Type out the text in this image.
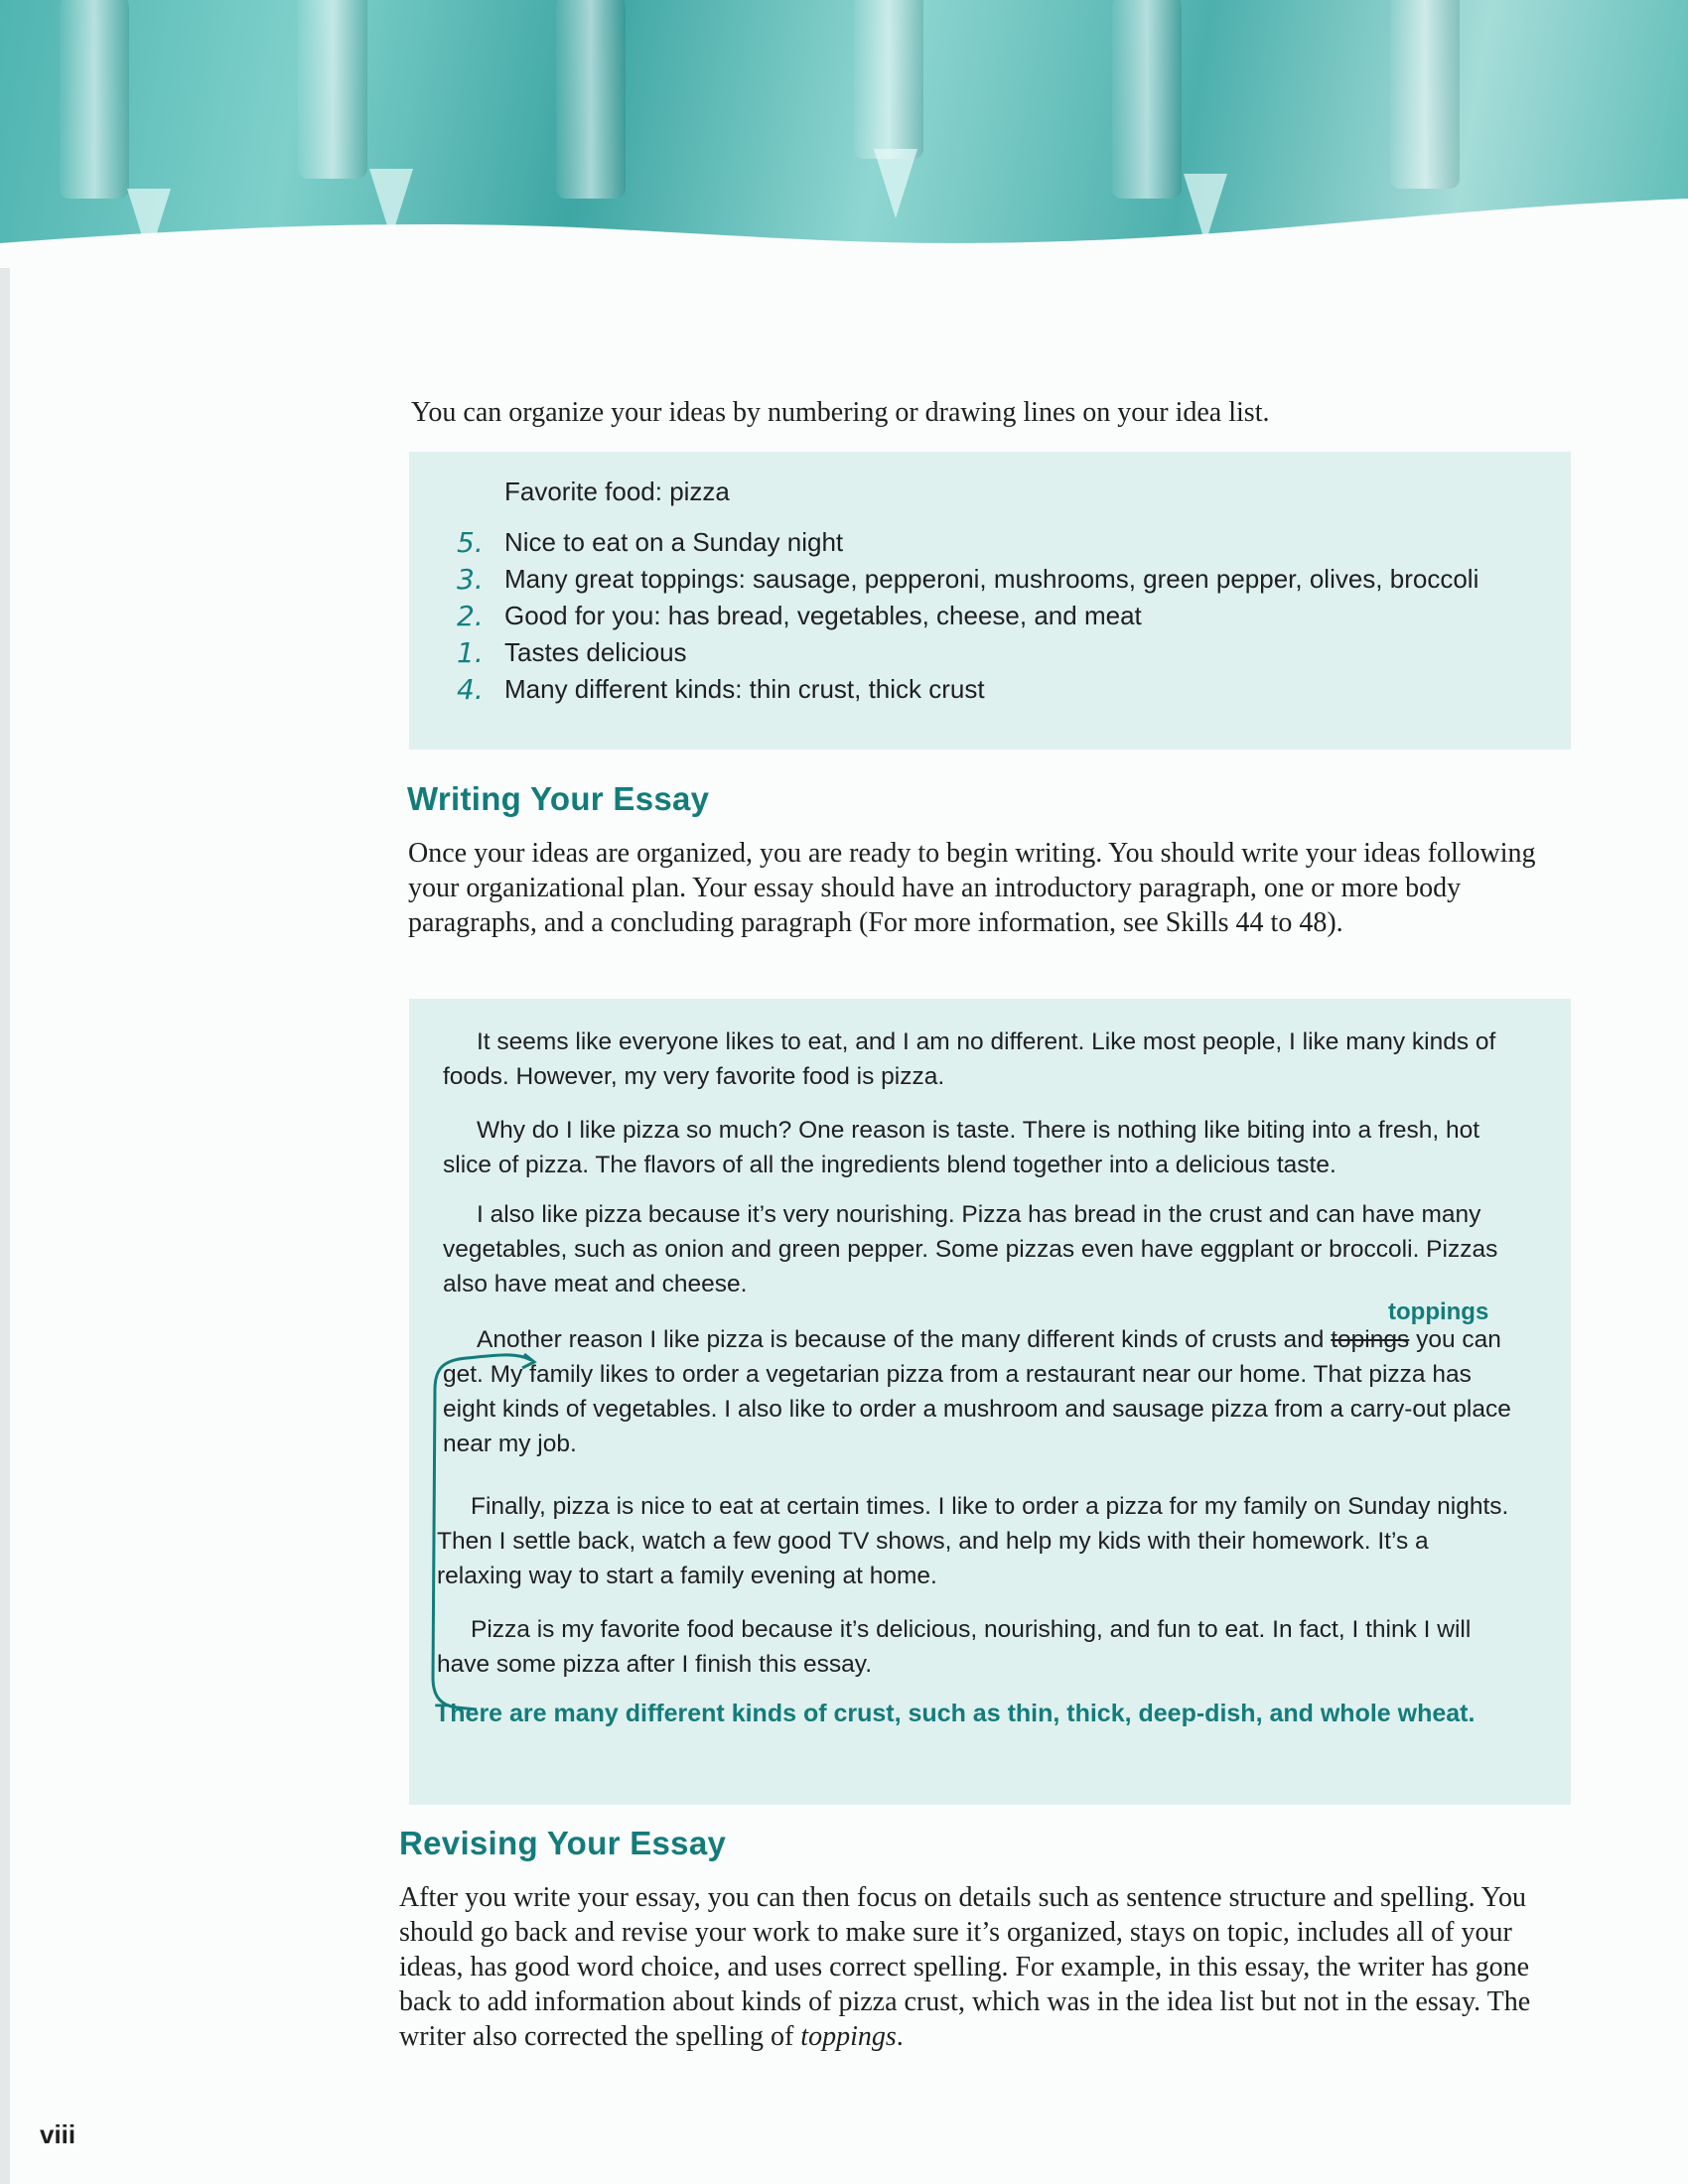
You can organize your ideas by numbering or drawing lines on your idea list.
Favorite food: pizza
5. Nice to eat on a Sunday night
3. Many great toppings: sausage, pepperoni, mushrooms, green pepper, olives, broccoli
2. Good for you: has bread, vegetables, cheese, and meat
1. Tastes delicious
4. Many different kinds: thin crust, thick crust
Writing Your Essay

Once your ideas are organized, you are ready to begin writing. You should write your ideas following your organizational plan. Your essay should have an introductory paragraph, one or more body paragraphs, and a concluding paragraph (For more information, see Skills 44 to 48).

It seems like everyone likes to eat, and I am no different. Like most people, I like many kinds of foods. However, my very favorite food is pizza.

Why do I like pizza so much? One reason is taste. There is nothing like biting into a fresh, hot slice of pizza. The flavors of all the ingredients blend together into a delicious taste.

I also like pizza because it’s very nourishing. Pizza has bread in the crust and can have many vegetables, such as onion and green pepper. Some pizzas even have eggplant or broccoli. Pizzas also have meat and cheese.

Another reason I like pizza is because of the many different kinds of crusts and topings you can get. My family likes to order a vegetarian pizza from a restaurant near our home. That pizza has eight kinds of vegetables. I also like to order a mushroom and sausage pizza from a carry-out place near my job.

Finally, pizza is nice to eat at certain times. I like to order a pizza for my family on Sunday nights. Then I settle back, watch a few good TV shows, and help my kids with their homework. It’s a relaxing way to start a family evening at home.

Pizza is my favorite food because it’s delicious, nourishing, and fun to eat. In fact, I think I will have some pizza after I finish this essay.

toppings

There are many different kinds of crust, such as thin, thick, deep-dish, and whole wheat.

Revising Your Essay

After you write your essay, you can then focus on details such as sentence structure and spelling. You should go back and revise your work to make sure it’s organized, stays on topic, includes all of your ideas, has good word choice, and uses correct spelling. For example, in this essay, the writer has gone back to add information about kinds of pizza crust, which was in the idea list but not in the essay. The writer also corrected the spelling of toppings.

viii
